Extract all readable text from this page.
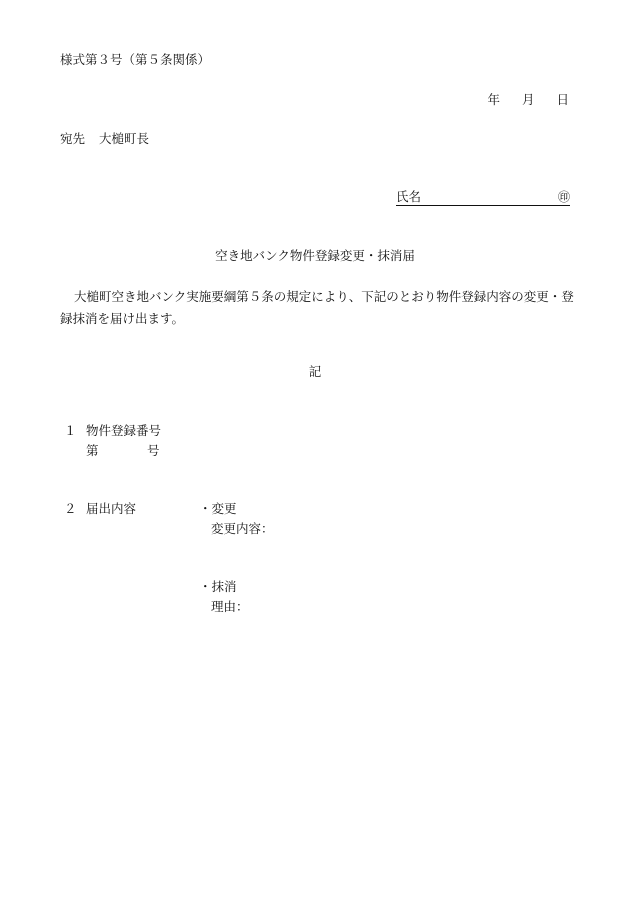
様式第３号（第５条関係）
年 月 日
宛先 大槌町長
氏名	㊞
空き地バンク物件登録変更・抹消届
大槌町空き地バンク実施要綱第５条の規定により、下記のとおり物件登録内容の変更・登録抹消を届け出ます。
記
１ 物件登録番号
第	号
２ 届出内容	・変更
変更内容：
・抹消
理由：
